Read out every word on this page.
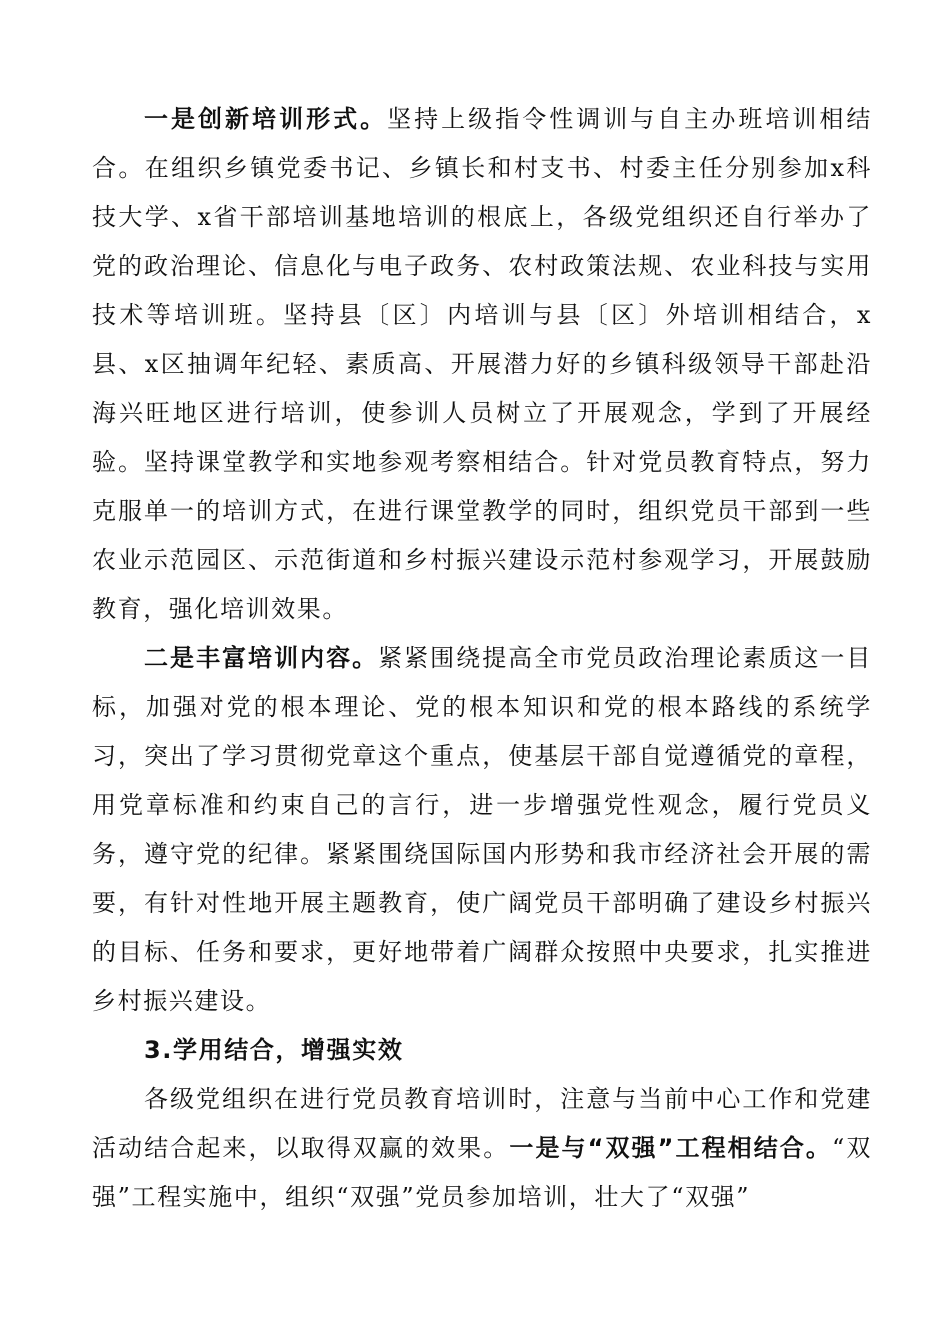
一是创新培训形式。坚持上级指令性调训与自主办班培训相结合。在组织乡镇党委书记、乡镇长和村支书、村委主任分别参加x科技大学、x省干部培训基地培训的根底上，各级党组织还自行举办了党的政治理论、信息化与电子政务、农村政策法规、农业科技与实用技术等培训班。坚持县〔区〕内培训与县〔区〕外培训相结合，x县、x区抽调年纪轻、素质高、开展潜力好的乡镇科级领导干部赴沿海兴旺地区进行培训，使参训人员树立了开展观念，学到了开展经验。坚持课堂教学和实地参观考察相结合。针对党员教育特点，努力克服单一的培训方式，在进行课堂教学的同时，组织党员干部到一些农业示范园区、示范街道和乡村振兴建设示范村参观学习，开展鼓励教育，强化培训效果。

二是丰富培训内容。紧紧围绕提高全市党员政治理论素质这一目标，加强对党的根本理论、党的根本知识和党的根本路线的系统学习，突出了学习贯彻党章这个重点，使基层干部自觉遵循党的章程，用党章标准和约束自己的言行，进一步增强党性观念，履行党员义务，遵守党的纪律。紧紧围绕国际国内形势和我市经济社会开展的需要，有针对性地开展主题教育，使广阔党员干部明确了建设乡村振兴的目标、任务和要求，更好地带着广阔群众按照中央要求，扎实推进乡村振兴建设。

3.学用结合，增强实效

各级党组织在进行党员教育培训时，注意与当前中心工作和党建活动结合起来，以取得双赢的效果。一是与“双强”工程相结合。“双强”工程实施中，组织“双强”党员参加培训，壮大了“双强”
